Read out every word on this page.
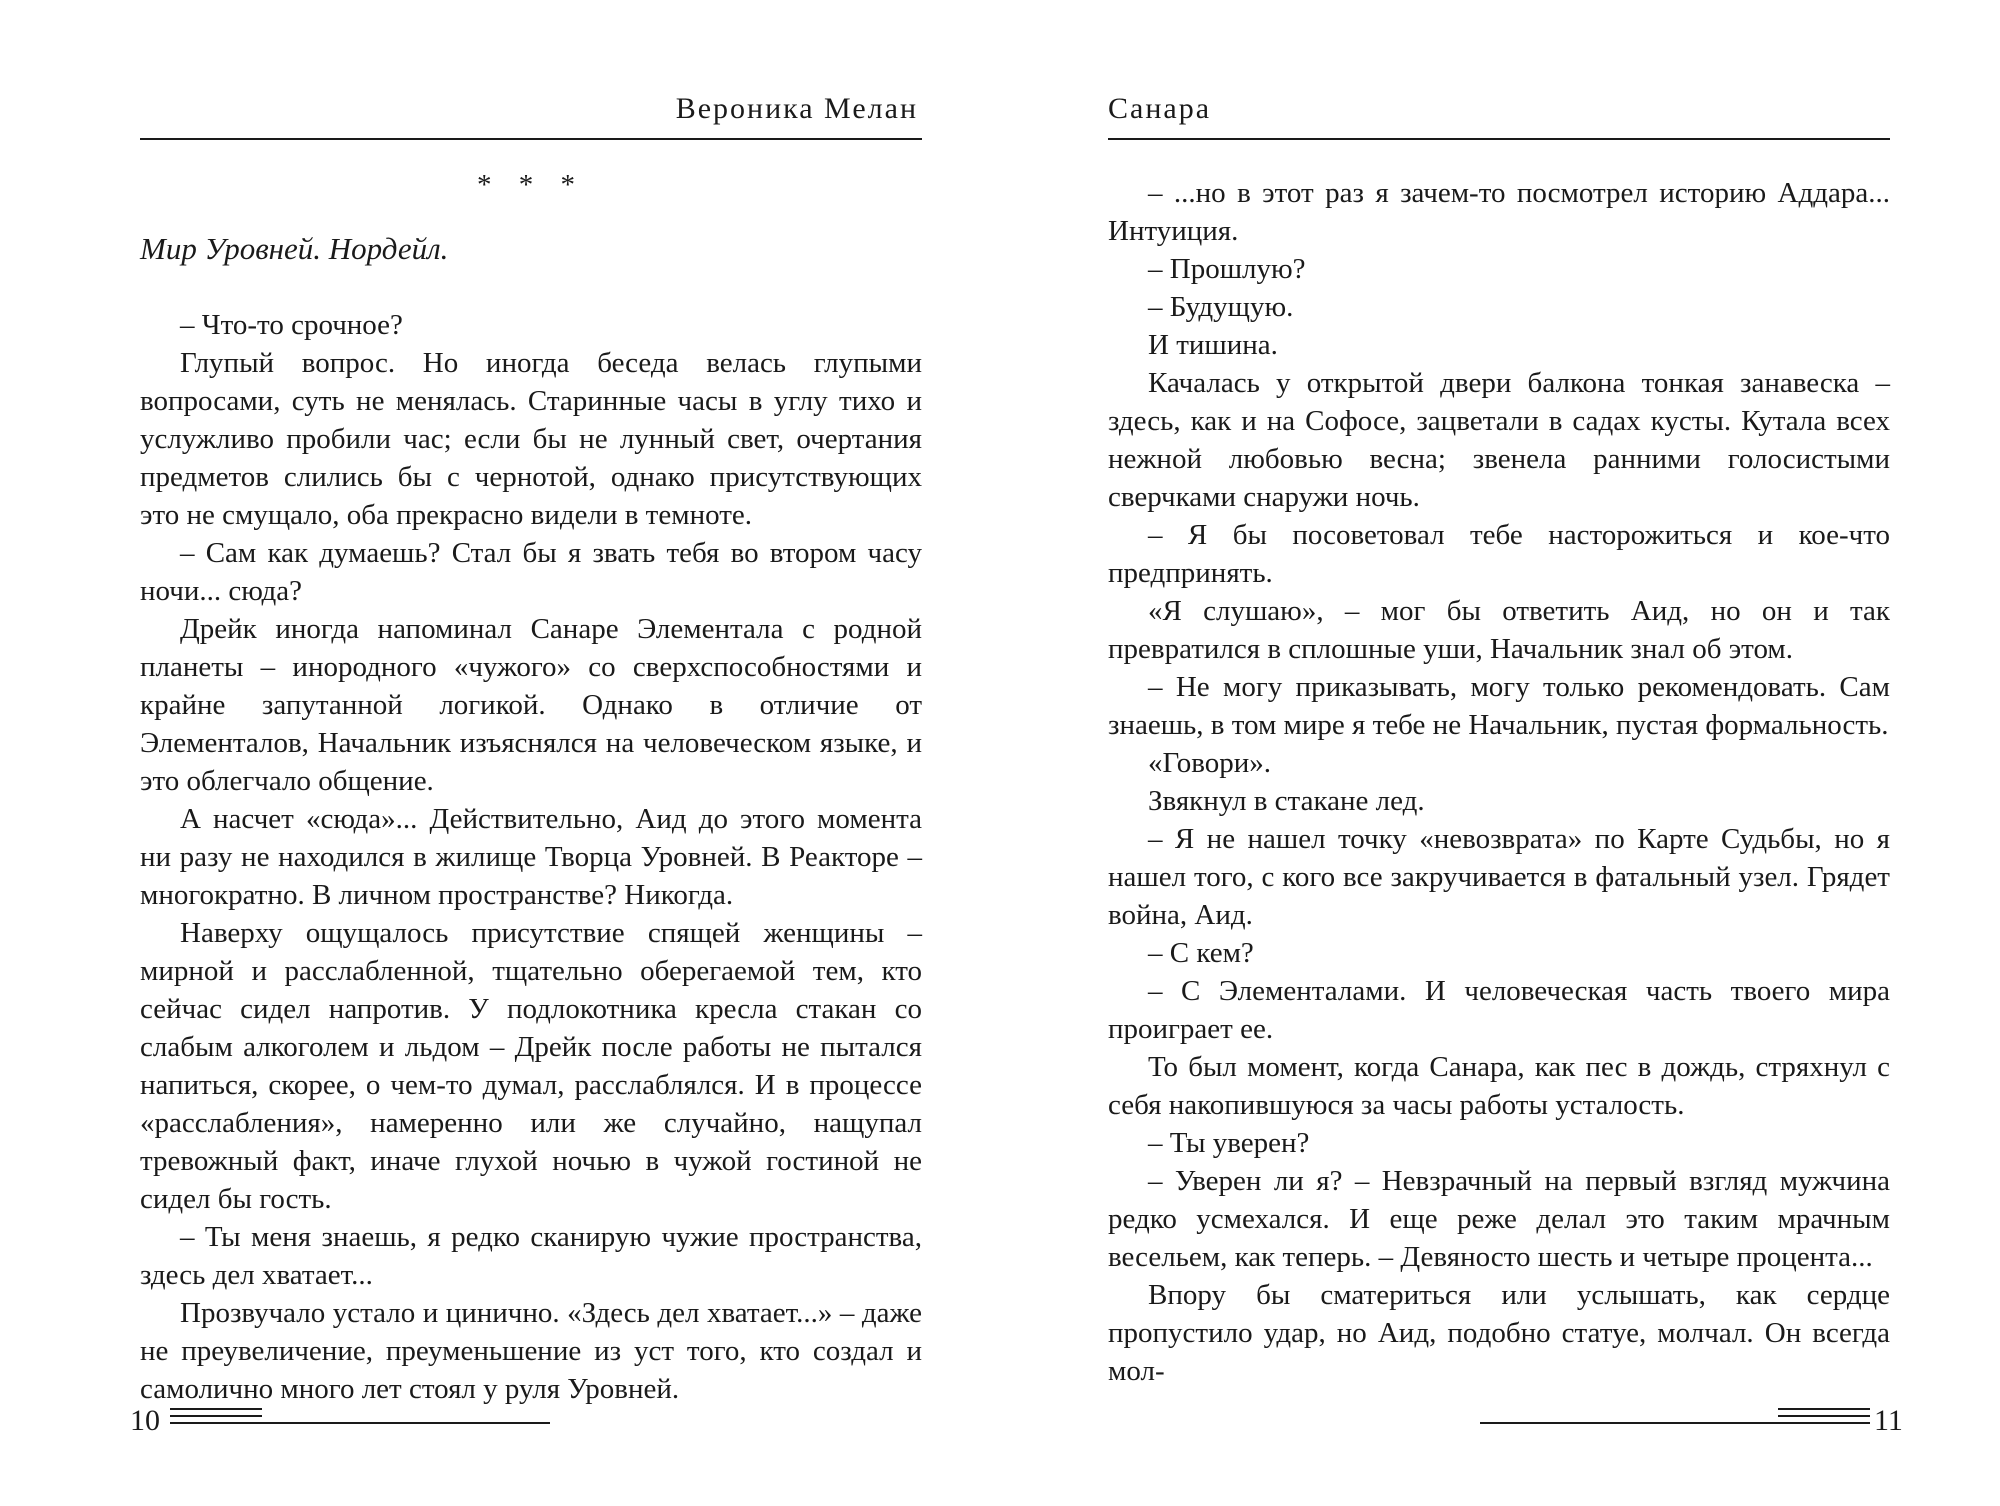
Вероника Мелан

* * *

Мир Уровней. Нордейл.

– Что-то срочное?

Глупый вопрос. Но иногда беседа велась глупыми вопросами, суть не менялась. Старинные часы в углу тихо и услужливо пробили час; если бы не лунный свет, очертания предметов слились бы с чернотой, однако присутствующих это не смущало, оба прекрасно видели в темноте.

– Сам как думаешь? Стал бы я звать тебя во втором часу ночи... сюда?

Дрейк иногда напоминал Санаре Элементала с родной планеты – инородного «чужого» со сверхспособностями и крайне запутанной логикой. Однако в отличие от Элементалов, Начальник изъяснялся на человеческом языке, и это облегчало общение.

А насчет «сюда»... Действительно, Аид до этого момента ни разу не находился в жилище Творца Уровней. В Реакторе – многократно. В личном пространстве? Никогда.

Наверху ощущалось присутствие спящей женщины – мирной и расслабленной, тщательно оберегаемой тем, кто сейчас сидел напротив. У подлокотника кресла стакан со слабым алкоголем и льдом – Дрейк после работы не пытался напиться, скорее, о чем-то думал, расслаблялся. И в процессе «расслабления», намеренно или же случайно, нащупал тревожный факт, иначе глухой ночью в чужой гостиной не сидел бы гость.

– Ты меня знаешь, я редко сканирую чужие пространства, здесь дел хватает...

Прозвучало устало и цинично. «Здесь дел хватает...» – даже не преувеличение, преуменьшение из уст того, кто создал и самолично много лет стоял у руля Уровней.

10
Санара

– ...но в этот раз я зачем-то посмотрел историю Аддара... Интуиция.

– Прошлую?

– Будущую.

И тишина.

Качалась у открытой двери балкона тонкая занавеска – здесь, как и на Софосе, зацветали в садах кусты. Кутала всех нежной любовью весна; звенела ранними голосистыми сверчками снаружи ночь.

– Я бы посоветовал тебе насторожиться и кое-что предпринять.

«Я слушаю», – мог бы ответить Аид, но он и так превратился в сплошные уши, Начальник знал об этом.

– Не могу приказывать, могу только рекомендовать. Сам знаешь, в том мире я тебе не Начальник, пустая формальность.

«Говори».

Звякнул в стакане лед.

– Я не нашел точку «невозврата» по Карте Судьбы, но я нашел того, с кого все закручивается в фатальный узел. Грядет война, Аид.

– С кем?

– С Элементалами. И человеческая часть твоего мира проиграет ее.

То был момент, когда Санара, как пес в дождь, стряхнул с себя накопившуюся за часы работы усталость.

– Ты уверен?

– Уверен ли я? – Невзрачный на первый взгляд мужчина редко усмехался. И еще реже делал это таким мрачным весельем, как теперь. – Девяносто шесть и четыре процента...

Впору бы сматериться или услышать, как сердце пропустило удар, но Аид, подобно статуе, молчал. Он всегда мол-

11
